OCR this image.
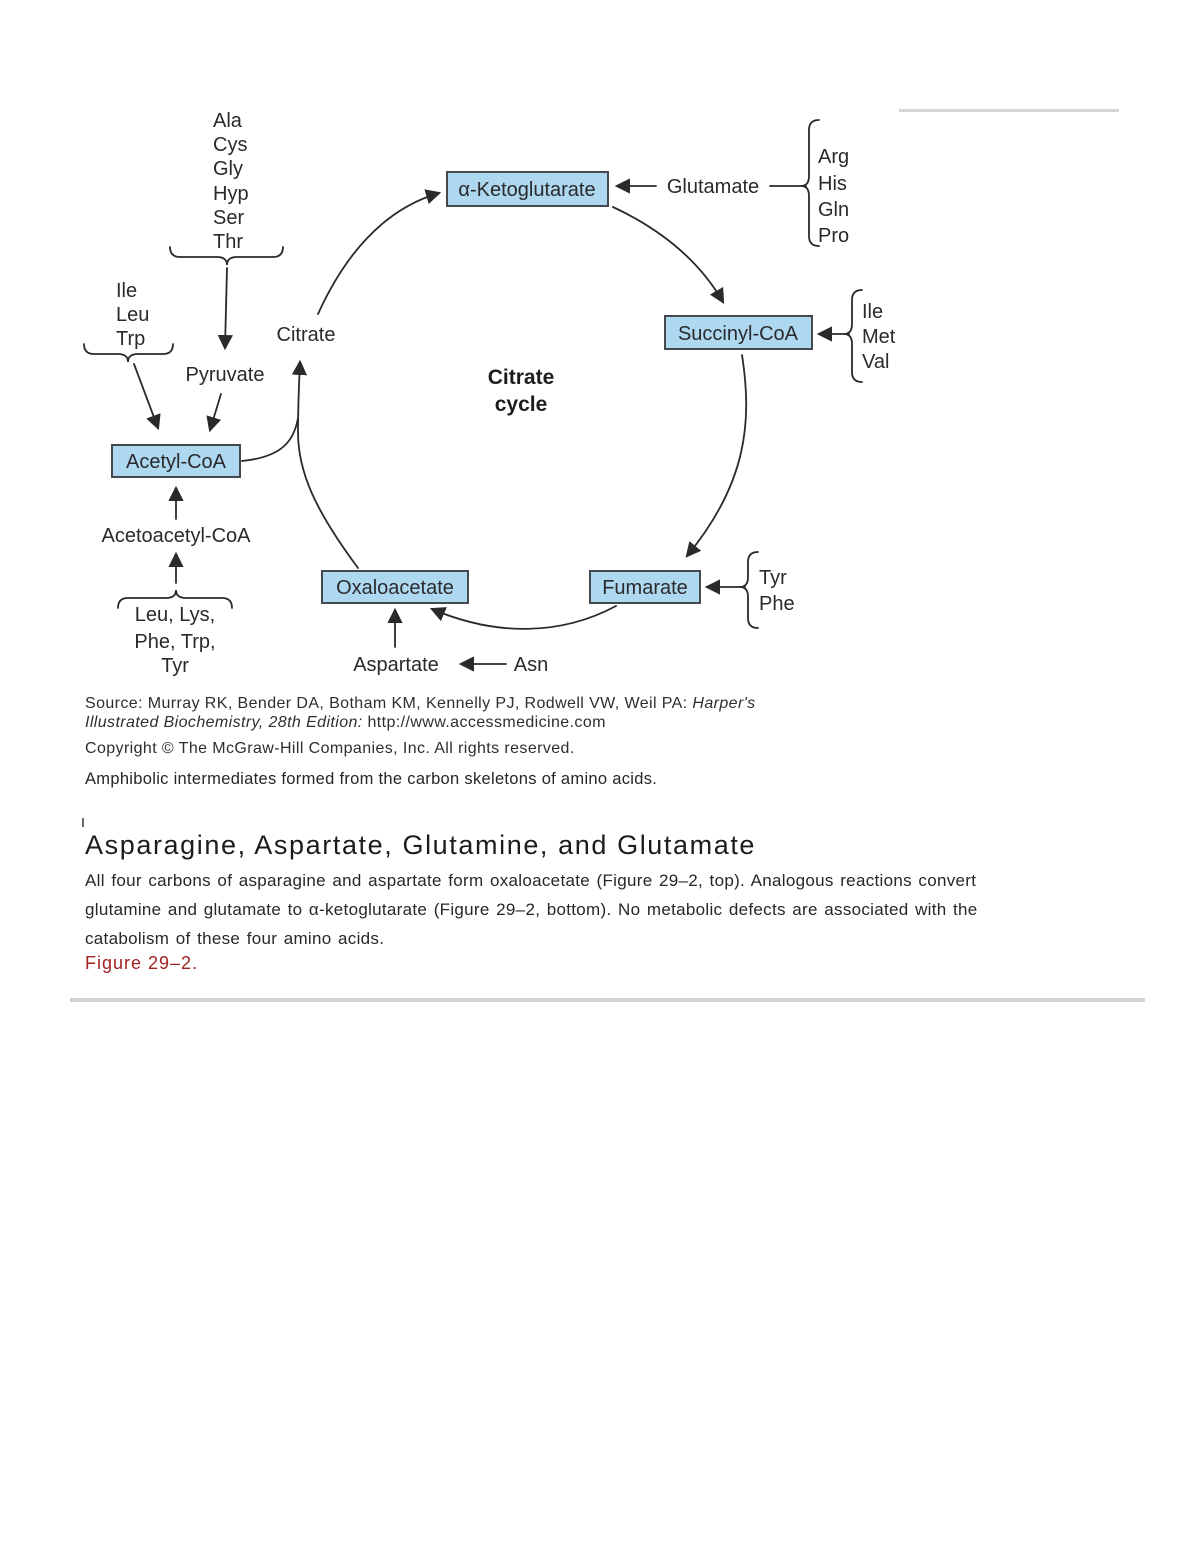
α-Ketoglutarate
Succinyl-CoA
Fumarate
Oxaloacetate
Acetyl-CoA
Citrate
cycle
Citrate
Pyruvate
Acetoacetyl-CoA
Glutamate
Aspartate	Asn
Ala
Cys
Gly
Hyp
Ser
Thr
Ile
Leu
Trp
Arg
His
Gln
Pro
Ile
Met
Val
Tyr
Phe
Leu, Lys,
Phe, Trp,
Tyr
Source: Murray RK, Bender DA, Botham KM, Kennelly PJ, Rodwell VW, Weil PA: Harper's
Illustrated Biochemistry, 28th Edition: http://www.accessmedicine.com
Copyright © The McGraw-Hill Companies, Inc. All rights reserved.
Amphibolic intermediates formed from the carbon skeletons of amino acids.
Asparagine, Aspartate, Glutamine, and Glutamate
All four carbons of asparagine and aspartate form oxaloacetate (Figure 29–2, top). Analogous reactions convert
glutamine and glutamate to α-ketoglutarate (Figure 29–2, bottom). No metabolic defects are associated with the
catabolism of these four amino acids.
Figure 29–2.
